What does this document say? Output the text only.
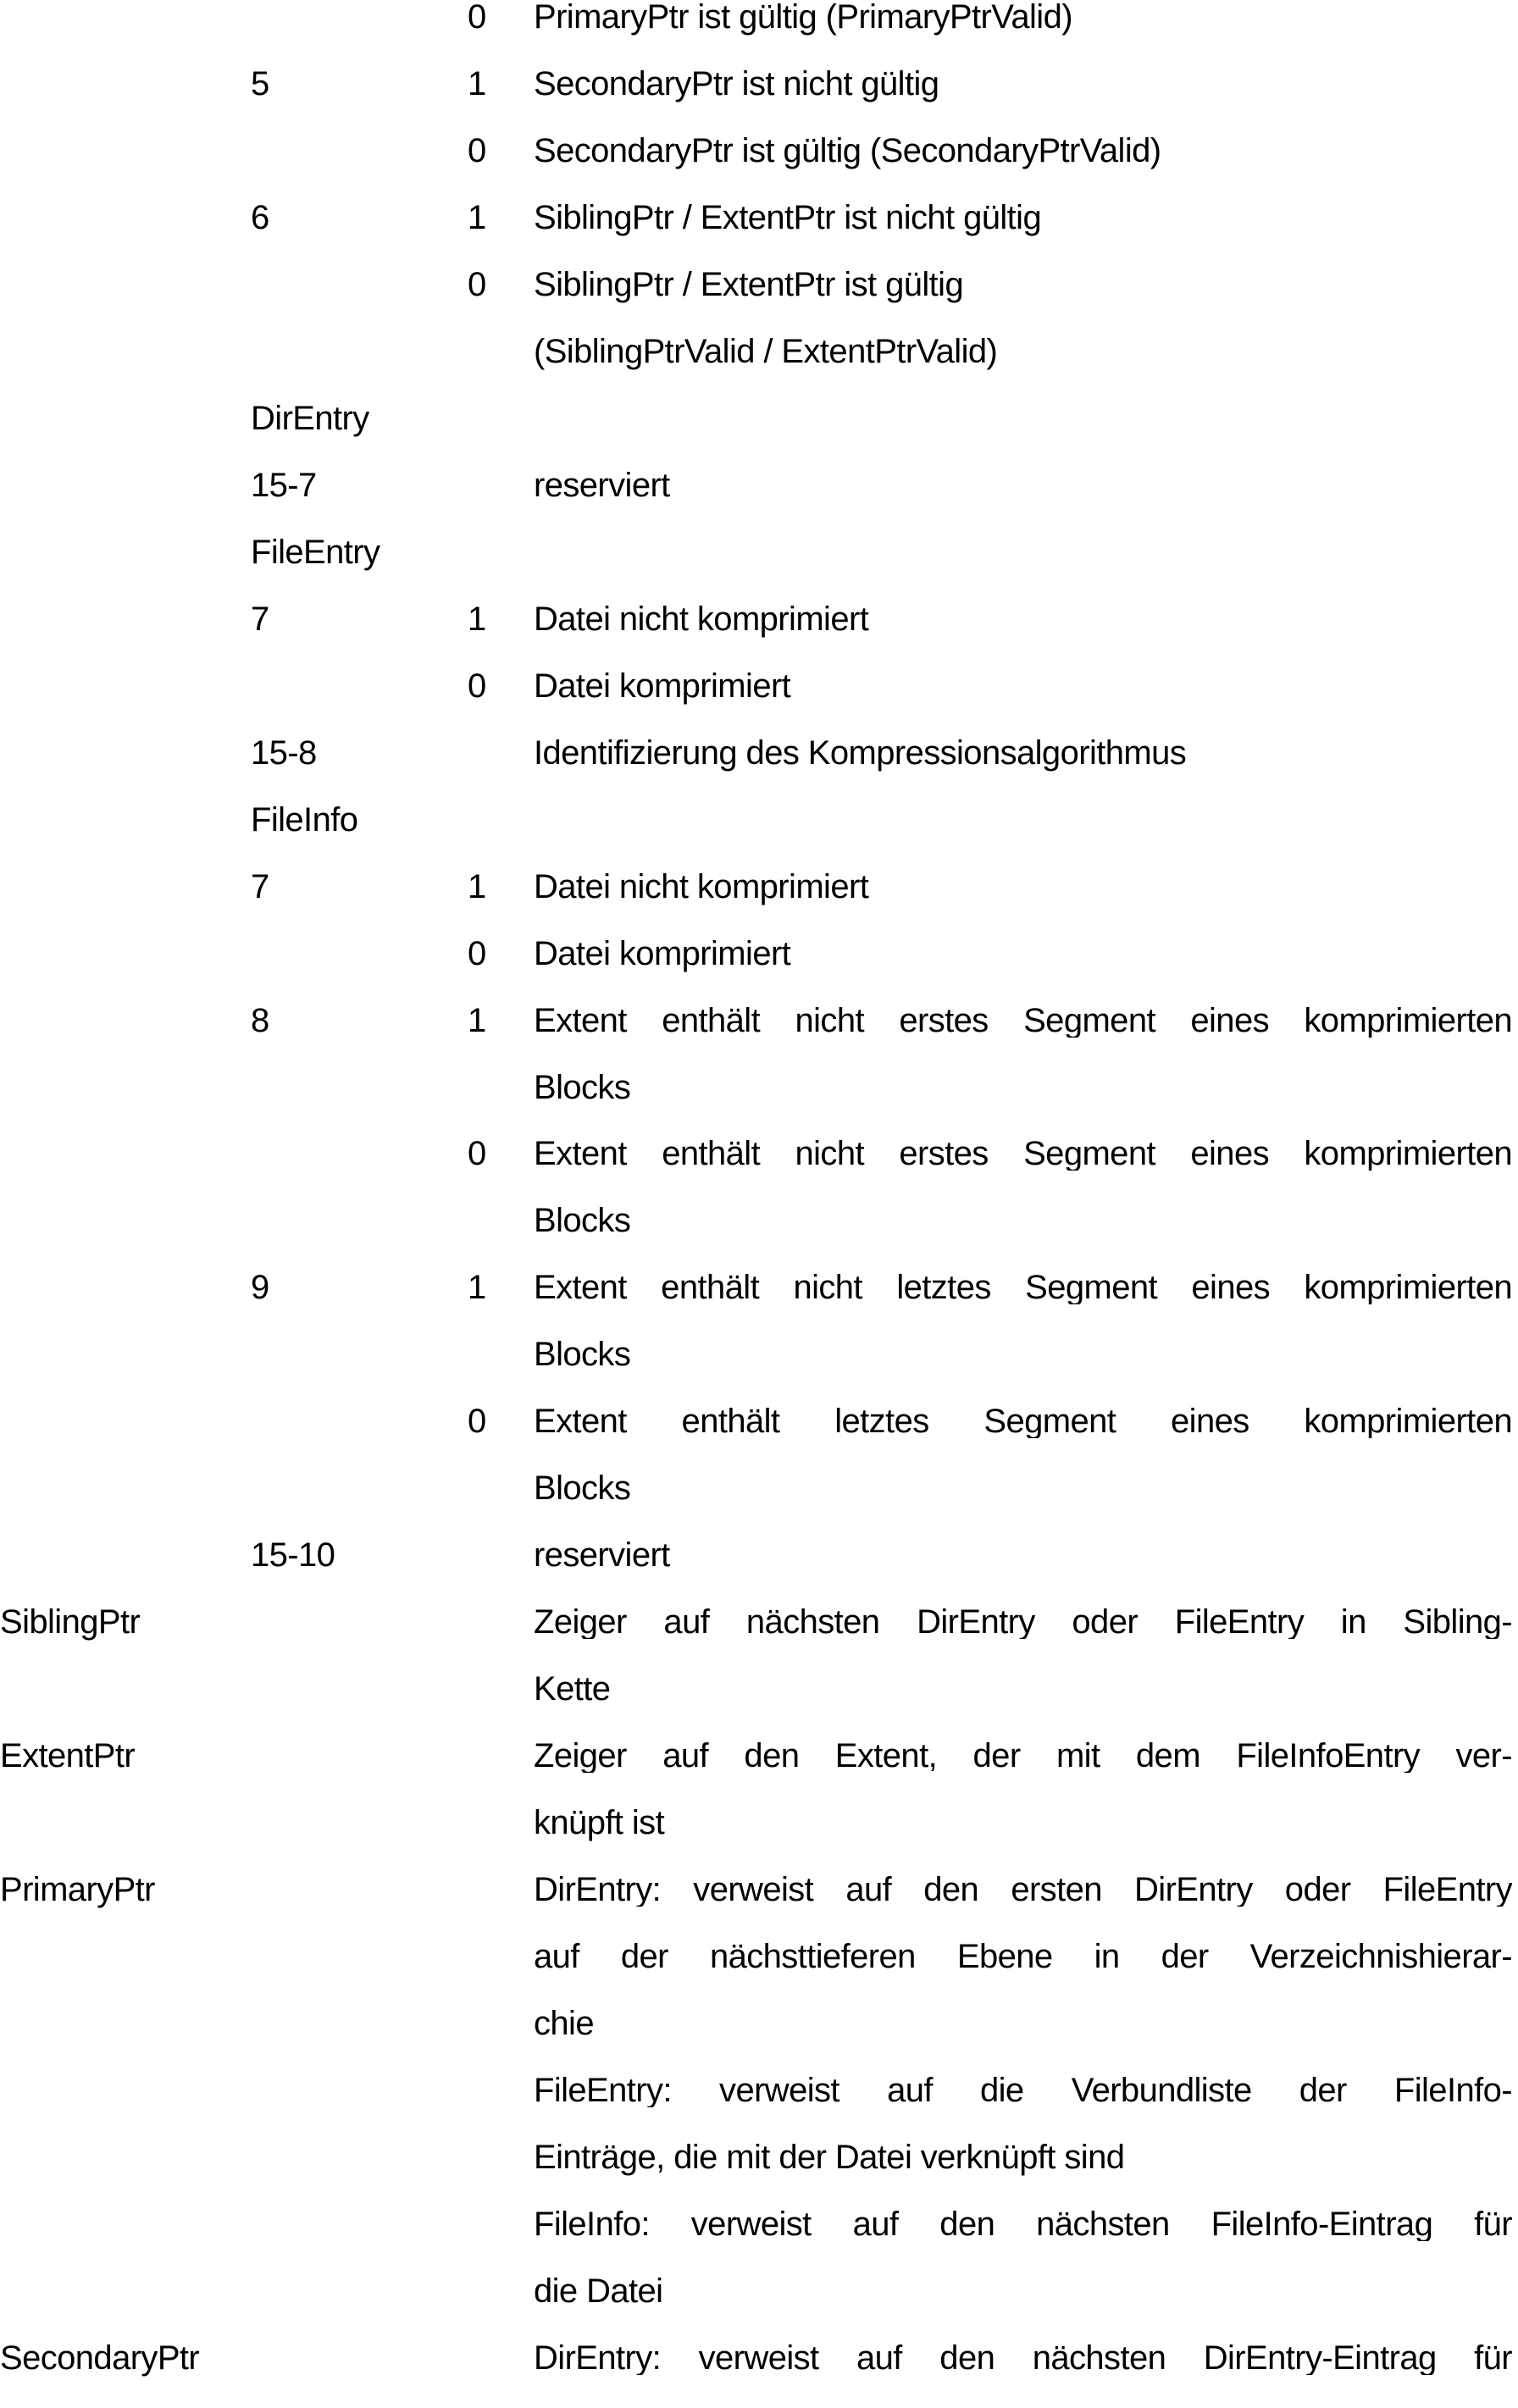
0 PrimaryPtr ist gültig (PrimaryPtrValid)
5	1 SecondaryPtr ist nicht gültig
0 SecondaryPtr ist gültig (SecondaryPtrValid)
6	1 SiblingPtr / ExtentPtr ist nicht gültig
0 SiblingPtr / ExtentPtr ist gültig
(SiblingPtrValid / ExtentPtrValid)
DirEntry
15-7	reserviert
FileEntry
7	1 Datei nicht komprimiert
0 Datei komprimiert
15-8	Identifizierung des Kompressionsalgorithmus
FileInfo
7	1 Datei nicht komprimiert
0 Datei komprimiert
8	1 Extent enthält nicht erstes Segment eines komprimierten
Blocks
0 Extent enthält nicht erstes Segment eines komprimierten
Blocks
9	1 Extent enthält nicht letztes Segment eines komprimierten
Blocks
0 Extent enthält letztes Segment eines komprimierten
Blocks
15-10	reserviert
SiblingPtr	Zeiger auf nächsten DirEntry oder FileEntry in Sibling-
Kette
ExtentPtr	Zeiger auf den Extent, der mit dem FileInfoEntry ver-
knüpft ist
PrimaryPtr	DirEntry: verweist auf den ersten DirEntry oder FileEntry
auf der nächsttieferen Ebene in der Verzeichnishierar-
chie
FileEntry: verweist auf die Verbundliste der FileInfo-
Einträge, die mit der Datei verknüpft sind
FileInfo: verweist auf den nächsten FileInfo-Eintrag für
die Datei
SecondaryPtr	DirEntry: verweist auf den nächsten DirEntry-Eintrag für
